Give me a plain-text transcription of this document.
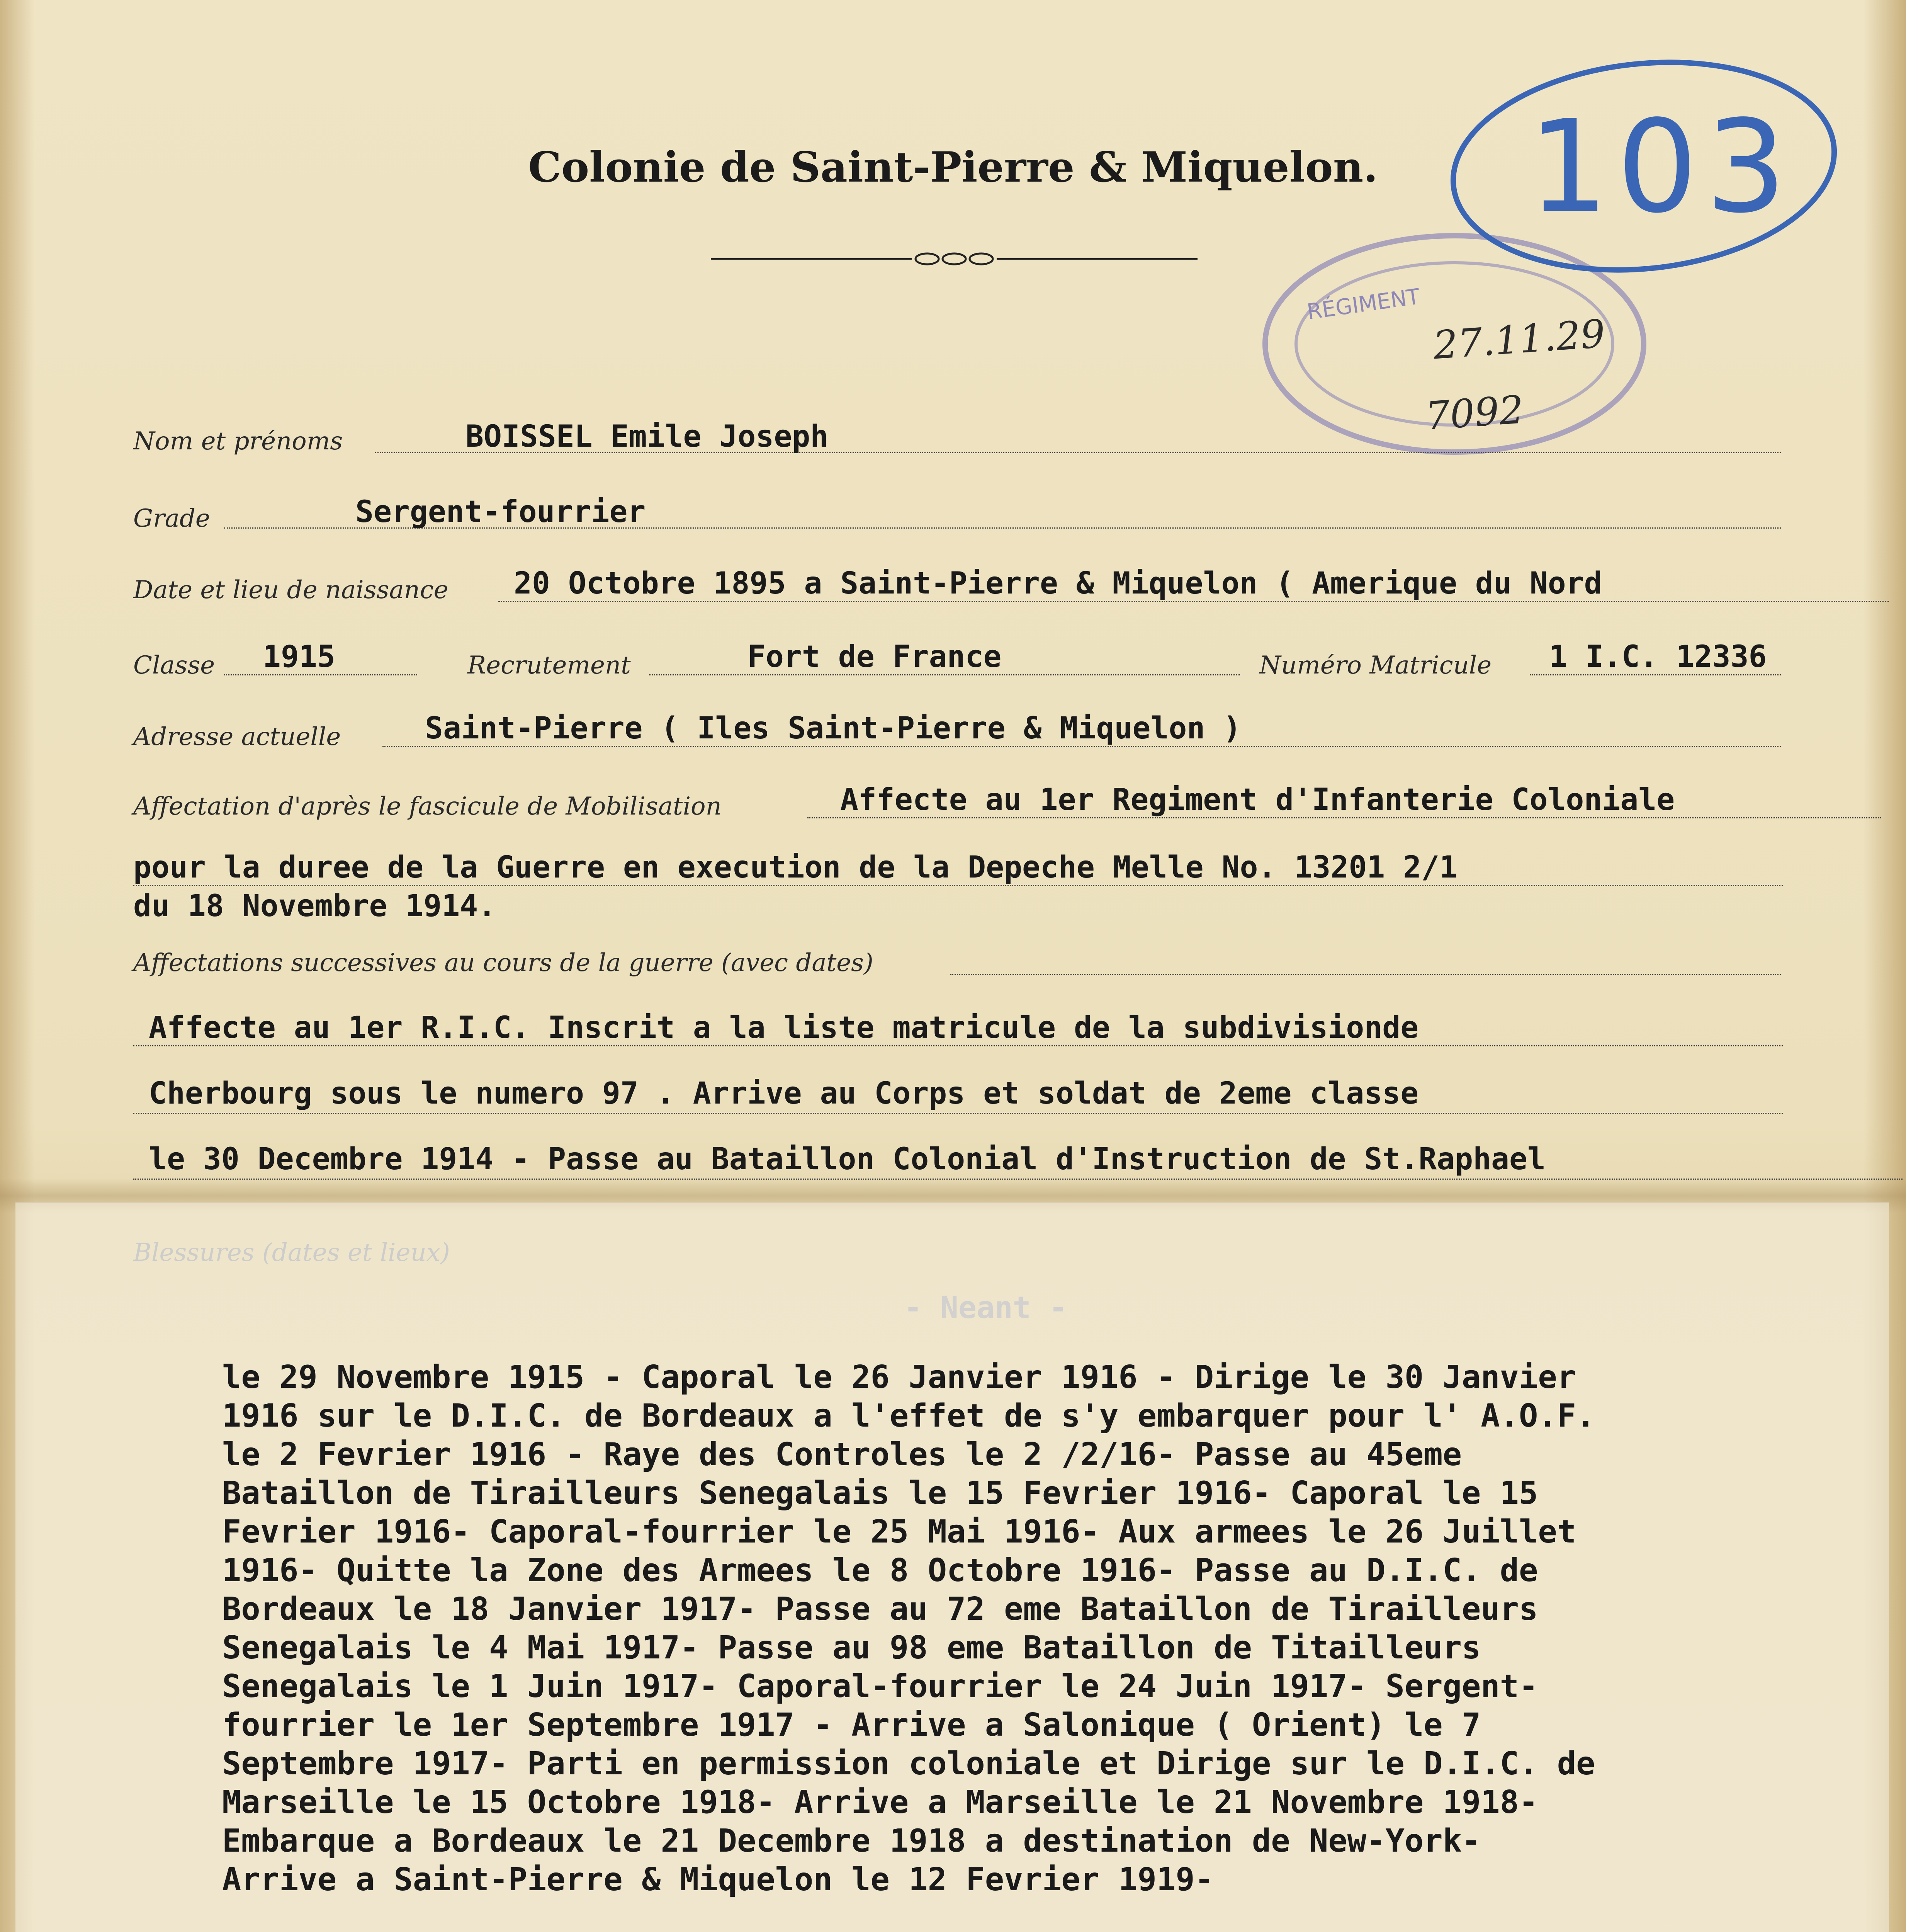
Colonie de Saint-Pierre & Miquelon.
RÉGIMENT
103
27.11.29
7092
Nom et prénoms	BOISSEL Emile Joseph
Grade	Sergent-fourrier
Date et lieu de naissance 20 Octobre 1895 a Saint-Pierre & Miquelon ( Amerique du Nord
Classe 1915	Recrutement	Fort de France	Numéro Matricule 1 I.C. 12336
Adresse actuelle	Saint-Pierre ( Iles Saint-Pierre & Miquelon )
Affectation d'après le fascicule de Mobilisation	Affecte au 1er Regiment d'Infanterie Coloniale
pour la duree de la Guerre en execution de la Depeche Melle No. 13201 2/1
du 18 Novembre 1914.
Affectations successives au cours de la guerre (avec dates)
Affecte au 1er R.I.C. Inscrit a la liste matricule de la subdivisionde
Cherbourg sous le numero 97 . Arrive au Corps et soldat de 2eme classe
le 30 Decembre 1914 - Passe au Bataillon Colonial d'Instruction de St.Raphael
le 29 Novembre 1915 - Caporal le 26 Janvier 1916 - Dirige le 30 Janvier
1916 sur le D.I.C. de Bordeaux a l'effet de s'y embarquer pour l' A.O.F.
le 2 Fevrier 1916 - Raye des Controles le 2 /2/16- Passe au 45eme
Bataillon de Tirailleurs Senegalais le 15 Fevrier 1916- Caporal le 15
Fevrier 1916- Caporal-fourrier le 25 Mai 1916- Aux armees le 26 Juillet
1916- Quitte la Zone des Armees le 8 Octobre 1916- Passe au D.I.C. de
Bordeaux le 18 Janvier 1917- Passe au 72 eme Bataillon de Tirailleurs
Senegalais le 4 Mai 1917- Passe au 98 eme Bataillon de Titailleurs
Senegalais le 1 Juin 1917- Caporal-fourrier le 24 Juin 1917- Sergent-
fourrier le 1er Septembre 1917 - Arrive a Salonique ( Orient) le 7
Septembre 1917- Parti en permission coloniale et Dirige sur le D.I.C. de
Marseille le 15 Octobre 1918- Arrive a Marseille le 21 Novembre 1918-
Embarque a Bordeaux le 21 Decembre 1918 a destination de New-York-
Arrive a Saint-Pierre & Miquelon le 12 Fevrier 1919-
